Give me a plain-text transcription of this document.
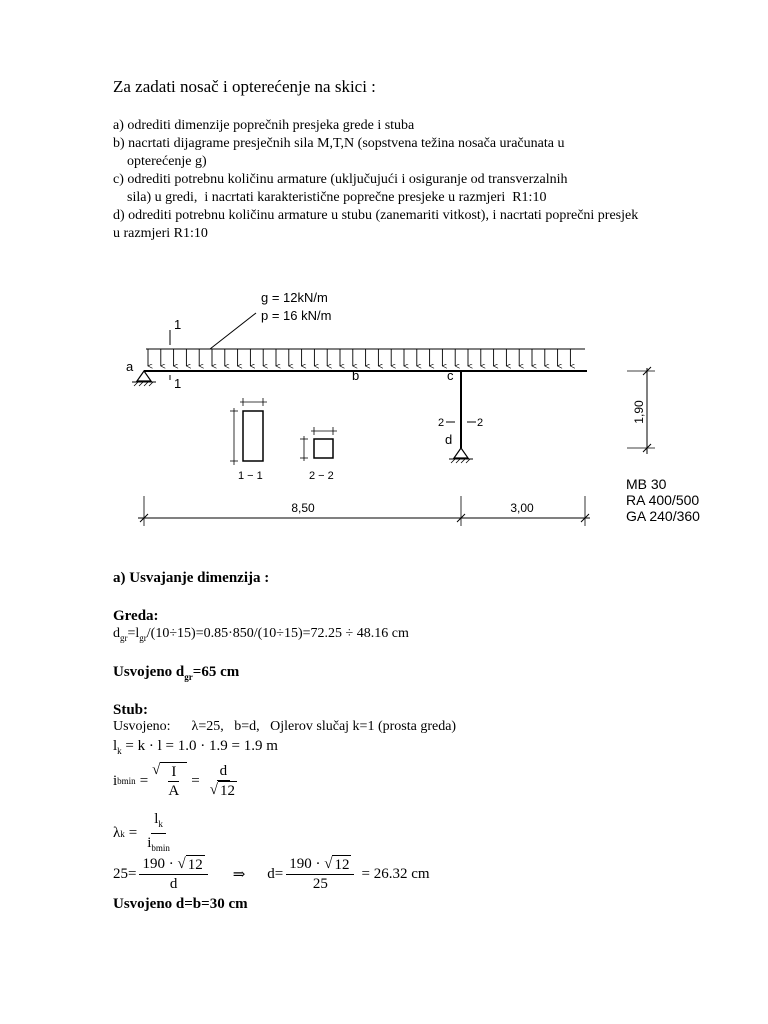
Za zadati nosač i opterećenje na skici :
a) odrediti dimenzije poprečnih presjeka grede i stuba
b) nacrtati dijagrame presječnih sila M,T,N (sopstvena težina nosača uračunata u
opterećenje g)
c) odrediti potrebnu količinu armature (uključujući i osiguranje od transverzalnih
sila) u gredi,  i nacrtati karakteristične poprečne presjeke u razmjeri  R1:10
d) odrediti potrebnu količinu armature u stubu (zanemariti vitkost), i nacrtati poprečni presjek
u razmjeri R1:10
g = 12kN/m
p = 16 kN/m
a
1
1
b	c
2	2
d
1 − 1	2 − 2
1,90
8,50	3,00
MB 30
RA 400/500
GA 240/360
a) Usvajanje dimenzija :
Greda:
$d_{gr}=l_{gr}/(10\div 15)=0.85\cdot 850/(10\div 15)=72.25 \div 48.16$ cm
Usvojeno $d_{gr}=65$ cm
Stub:
Usvojeno:      λ=25,   b=d,   Ojlerov slučaj k=1 (prosta greda)
$l_k = k \cdot l = 1.0 \cdot 1.9 = 1.9$ m
i bmin =
√ $\frac{I}{A} = \frac{d}{√ 12}$
λ $k = \frac{l_k}{i_{bmin}}$
$25= \frac{190 \cdot √ 12}{d}$ ⇒ $d= \frac{190 \cdot √ 12}{25} = 26.32$ cm
Usvojeno d=b=30 cm
